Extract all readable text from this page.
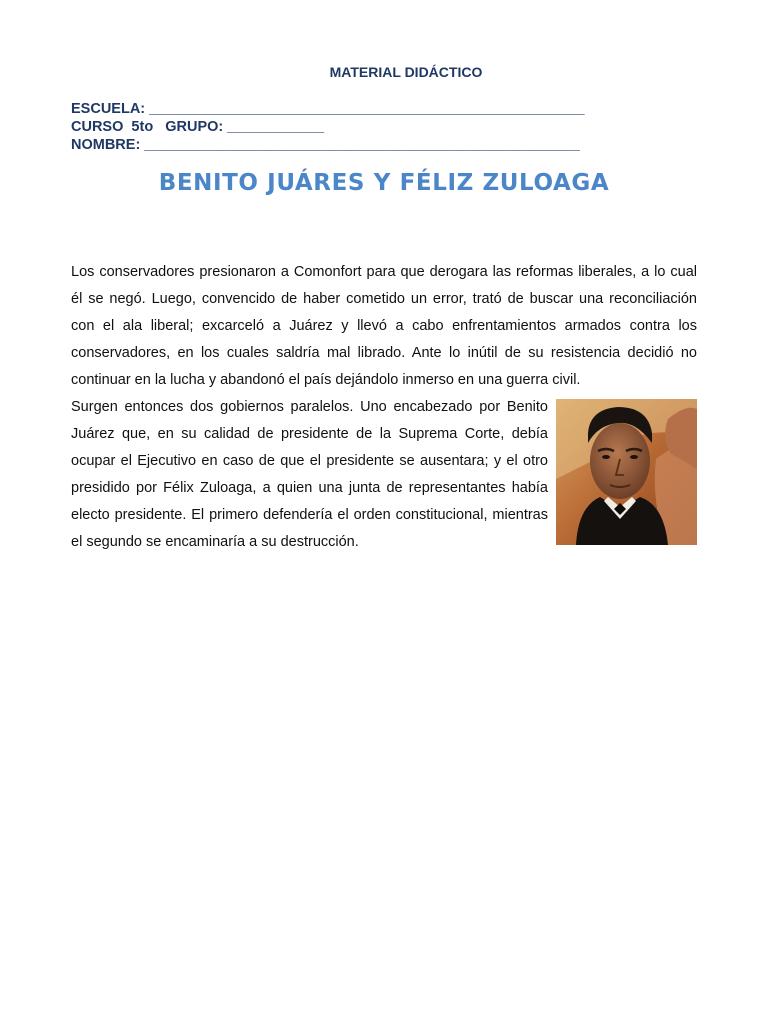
MATERIAL DIDÁCTICO
ESCUELA: ______________________________________________________
CURSO  5to   GRUPO: ____________
NOMBRE: ______________________________________________________
BENITO JUÁRES Y FÉLIZ ZULOAGA
Los conservadores presionaron a Comonfort para que derogara las reformas liberales, a lo cual él se negó. Luego, convencido de haber cometido un error, trató de buscar una reconciliación con el ala liberal; excarceló a Juárez y llevó a cabo enfrentamientos armados contra los conservadores, en los cuales saldría mal librado. Ante lo inútil de su resistencia decidió no continuar en la lucha y abandonó el país dejándolo inmerso en una guerra civil.
Surgen entonces dos gobiernos paralelos. Uno encabezado por Benito Juárez que, en su calidad de presidente de la Suprema Corte, debía ocupar el Ejecutivo en caso de que el presidente se ausentara; y el otro presidido por Félix Zuloaga, a quien una junta de representantes había electo presidente. El primero defendería el orden constitucional, mientras el segundo se encaminaría a su destrucción.
